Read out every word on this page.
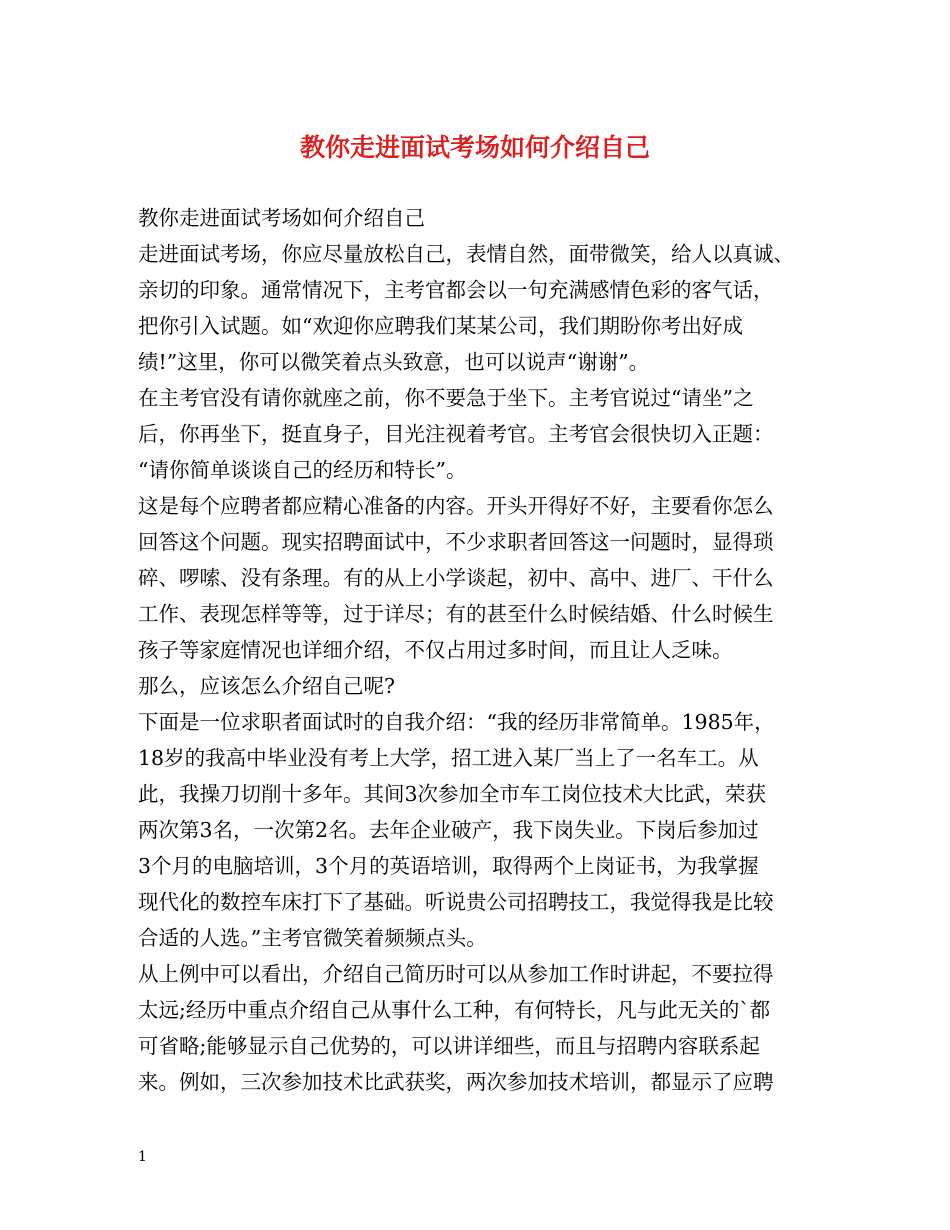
教你走进面试考场如何介绍自己
教你走进面试考场如何介绍自己
走进面试考场，你应尽量放松自己，表情自然，面带微笑，给人以真诚、
亲切的印象。通常情况下，主考官都会以一句充满感情色彩的客气话，
把你引入试题。如“欢迎你应聘我们某某公司，我们期盼你考出好成
绩!”这里，你可以微笑着点头致意，也可以说声“谢谢”。
在主考官没有请你就座之前，你不要急于坐下。主考官说过“请坐”之
后，你再坐下，挺直身子，目光注视着考官。主考官会很快切入正题：
“请你简单谈谈自己的经历和特长”。
这是每个应聘者都应精心准备的内容。开头开得好不好，主要看你怎么
回答这个问题。现实招聘面试中，不少求职者回答这一问题时，显得琐
碎、啰嗦、没有条理。有的从上小学谈起，初中、高中、进厂、干什么
工作、表现怎样等等，过于详尽；有的甚至什么时候结婚、什么时候生
孩子等家庭情况也详细介绍，不仅占用过多时间，而且让人乏味。
那么，应该怎么介绍自己呢?
下面是一位求职者面试时的自我介绍：“我的经历非常简单。1985年，
18岁的我高中毕业没有考上大学，招工进入某厂当上了一名车工。从
此，我操刀切削十多年。其间3次参加全市车工岗位技术大比武，荣获
两次第3名，一次第2名。去年企业破产，我下岗失业。下岗后参加过
3个月的电脑培训，3个月的英语培训，取得两个上岗证书，为我掌握
现代化的数控车床打下了基础。听说贵公司招聘技工，我觉得我是比较
合适的人选。”主考官微笑着频频点头。
从上例中可以看出，介绍自己简历时可以从参加工作时讲起，不要拉得
太远;经历中重点介绍自己从事什么工种，有何特长，凡与此无关的`都
可省略;能够显示自己优势的，可以讲详细些，而且与招聘内容联系起
来。例如，三次参加技术比武获奖，两次参加技术培训，都显示了应聘
1
